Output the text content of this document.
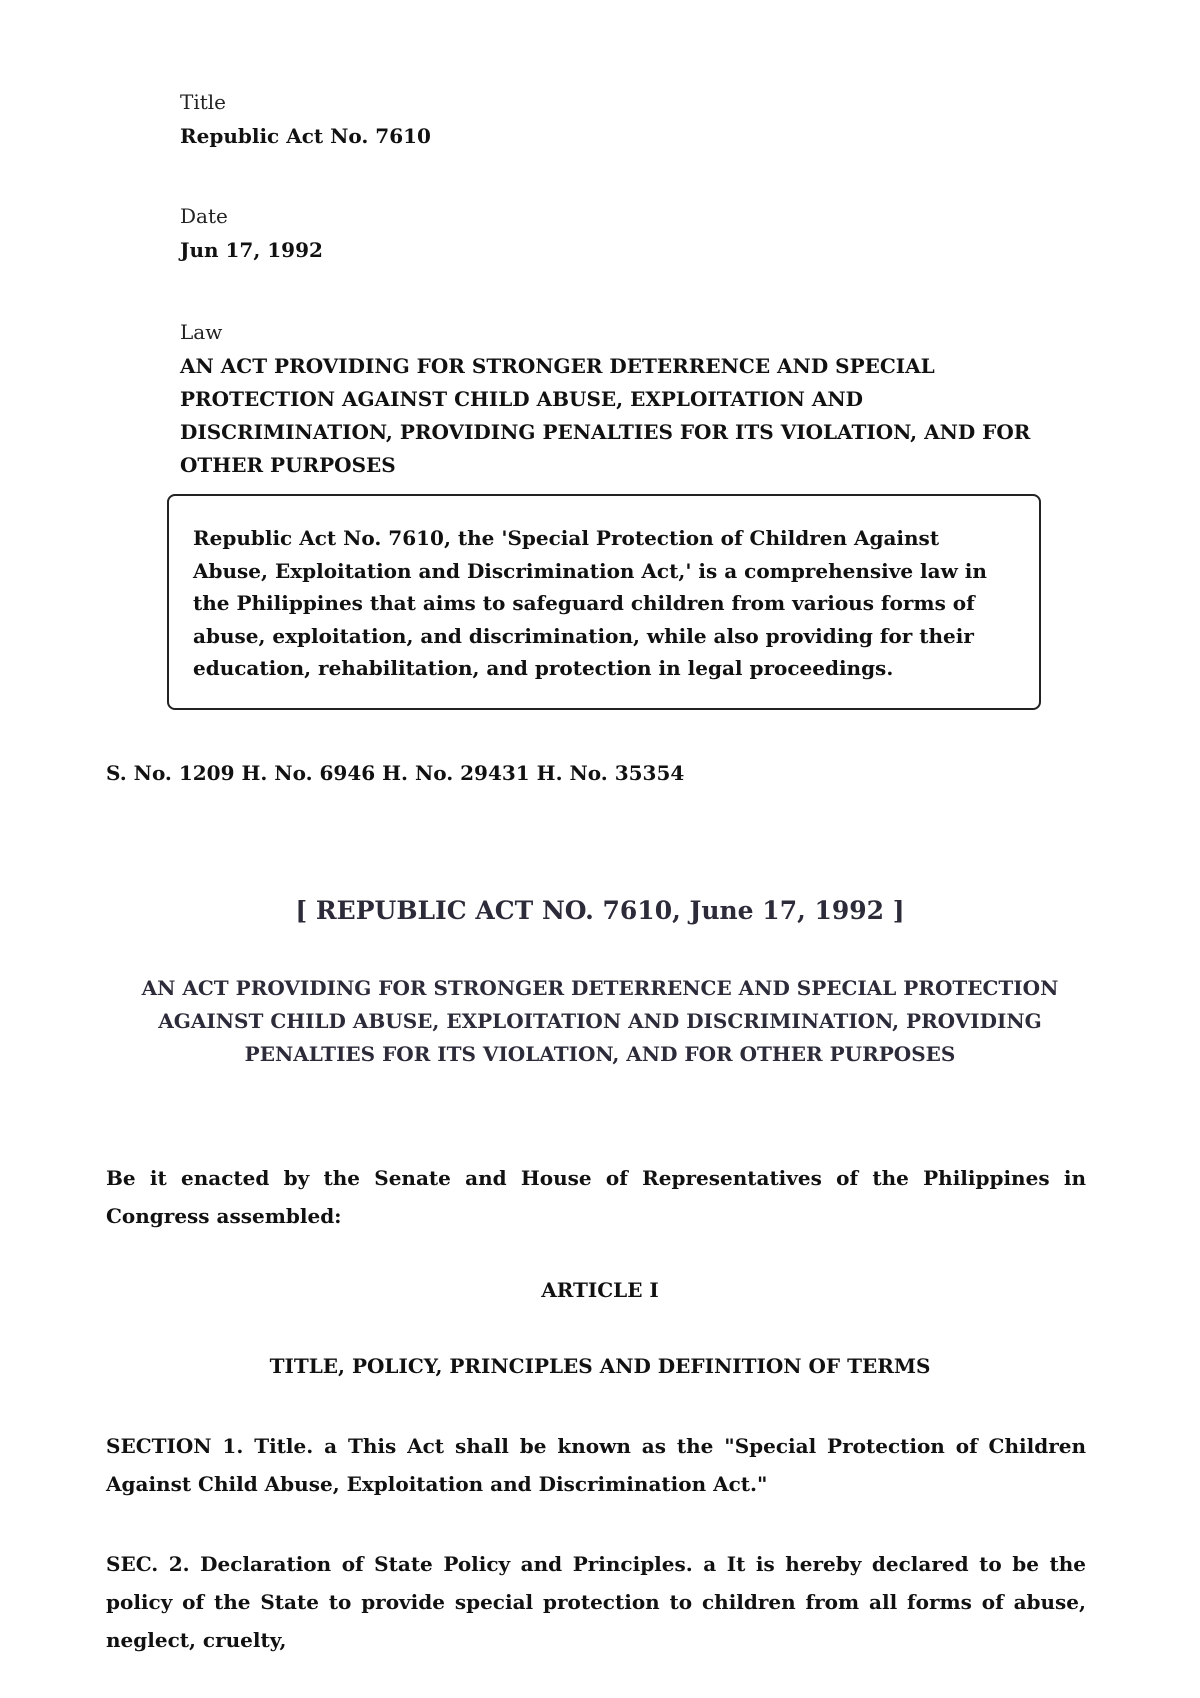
Title

Republic Act No. 7610

Date

Jun 17, 1992

Law

AN ACT PROVIDING FOR STRONGER DETERRENCE AND SPECIAL PROTECTION AGAINST CHILD ABUSE, EXPLOITATION AND DISCRIMINATION, PROVIDING PENALTIES FOR ITS VIOLATION, AND FOR OTHER PURPOSES

Republic Act No. 7610, the 'Special Protection of Children Against Abuse, Exploitation and Discrimination Act,' is a comprehensive law in the Philippines that aims to safeguard children from various forms of abuse, exploitation, and discrimination, while also providing for their education, rehabilitation, and protection in legal proceedings.

S. No. 1209 H. No. 6946 H. No. 29431 H. No. 35354

[ REPUBLIC ACT NO. 7610, June 17, 1992 ]

AN ACT PROVIDING FOR STRONGER DETERRENCE AND SPECIAL PROTECTION AGAINST CHILD ABUSE, EXPLOITATION AND DISCRIMINATION, PROVIDING PENALTIES FOR ITS VIOLATION, AND FOR OTHER PURPOSES

Be it enacted by the Senate and House of Representatives of the Philippines in Congress assembled:

ARTICLE I

TITLE, POLICY, PRINCIPLES AND DEFINITION OF TERMS

SECTION 1. Title. a This Act shall be known as the "Special Protection of Children Against Child Abuse, Exploitation and Discrimination Act."

SEC. 2. Declaration of State Policy and Principles. a It is hereby declared to be the policy of the State to provide special protection to children from all forms of abuse, neglect, cruelty,
